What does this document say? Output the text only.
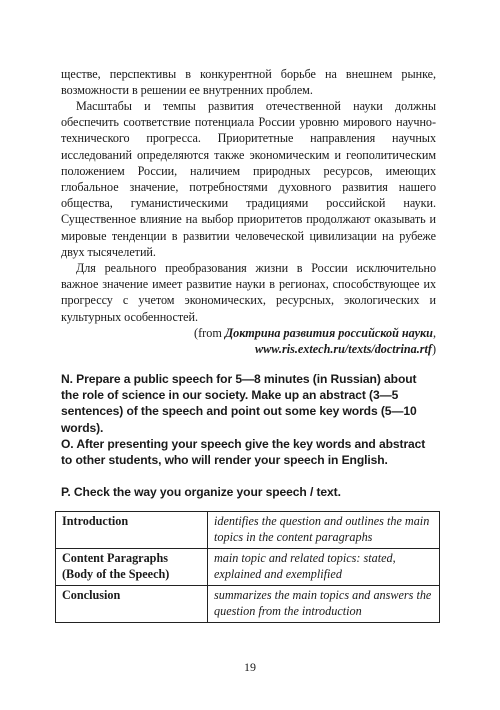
ществе, перспективы в конкурентной борьбе на внешнем рынке,

возможности в решении ее внутренних проблем.

Масштабы и темпы развития отечественной науки должны обеспечить соответствие потенциала России уровню мирового научно-технического прогресса. Приоритетные направления научных исследований определяются также экономическим и геополитическим положением России, наличием природных ресурсов, имеющих глобальное значение, потребностями духовного развития нашего общества, гуманистическими традициями российской науки. Существенное влияние на выбор приоритетов продолжают оказывать и мировые тенденции в развитии человеческой цивилизации на рубеже двух тысячелетий.

Для реального преобразования жизни в России исключительно важное значение имеет развитие науки в регионах, способствующее их прогрессу с учетом экономических, ресурсных, экологических и культурных особенностей.

(from Доктрина развития российской науки,

www.ris.extech.ru/texts/doctrina.rtf)

N. Prepare a public speech for 5—8 minutes (in Russian) about the role of science in our society. Make up an abstract (3—5 sentences) of the speech and point out some key words (5—10 words).

O. After presenting your speech give the key words and abstract to other students, who will render your speech in English.

P. Check the way you organize your speech / text.

Introduction	identifies the question and outlines the main topics in the content paragraphs
Content Paragraphs (Body of the Speech)	main topic and related topics: stated, explained and exemplified
Conclusion	summarizes the main topics and answers the question from the introduction
19
